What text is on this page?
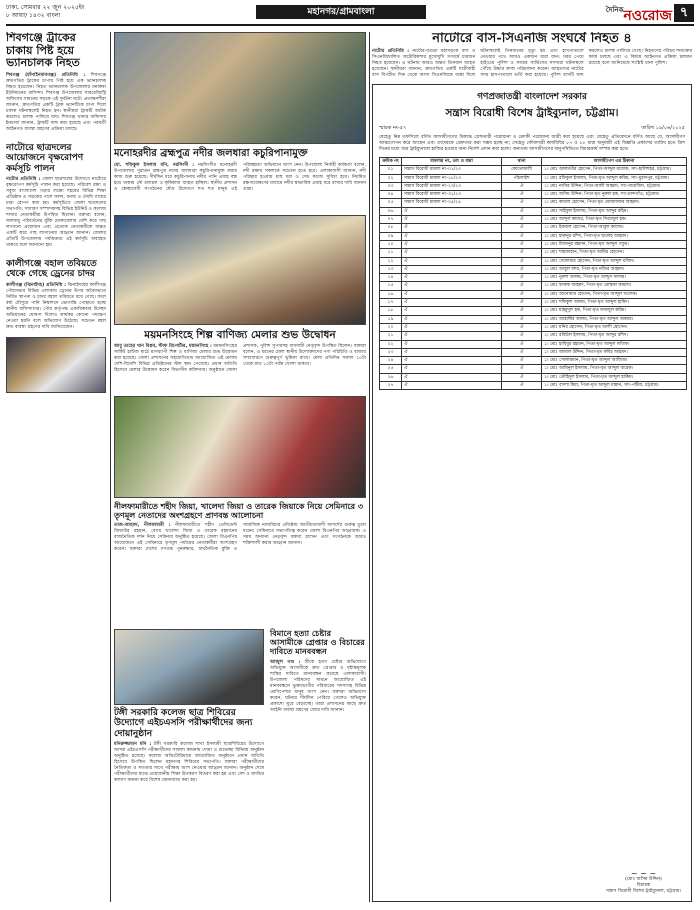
ঢাকা, সোমবার ২২ জুন ২০২৫ইং
৮ আষাঢ় ১৪৩২ বাংলা	মহানগর/গ্রামবাংলা	$^{দৈনিক}$নওরোজ ৭
শিবগঞ্জে ট্রাকের চাকায় পিষ্ট হয়ে ভ্যানচালক নিহত
শিবগঞ্জ (চাঁপাইনবাবগঞ্জ) প্রতিনিধি : শিবগঞ্জে দ্রুতগতির ট্রাকের চাপায় পিষ্ট হয়ে এক ভ্যানচালক নিহত হয়েছেন। নিহত ভ্যানচালক উপজেলার মনাকষা ইউনিয়নের বাসিন্দা। শিবগঞ্জ উপজেলার সাবরেজিস্ট্রি অফিসের সামনের সড়কে এই দুর্ঘটনা ঘটে। প্রত্যক্ষদর্শীরা জানান, দ্রুতগতির একটি ট্রাক ভ্যানটিকে চাপা দিলে চালক ঘটনাস্থলেই নিহত হন। স্থানীয়রা ট্রাকটি আটক করলেও চালক পালিয়ে যায়। শিবগঞ্জ থানার অফিসার ইনচার্জ জানান, ট্রাকটি জব্দ করা হয়েছে এবং পরবর্তী আইনগত ব্যবস্থা গ্রহণের প্রক্রিয়া চলছে।
নাটোরে ছাত্রদলের আয়োজনে বৃক্ষরোপণ কর্মসূচি পালন
নাটোর প্রতিনিধি : জেলা ছাত্রদলের উদ্যোগে নাটোরে বৃক্ষরোপণ কর্মসূচি পালন করা হয়েছে। পরিবেশ রক্ষা ও সবুজ বাংলাদেশ গড়ার লক্ষ্যে শহরের বিভিন্ন শিক্ষা প্রতিষ্ঠান ও সড়কের পাশে ফলদ, বনজ ও ঔষধি গাছের চারা রোপণ করা হয়। কর্মসূচিতে জেলা ছাত্রদলের সভাপতি, সাধারণ সম্পাদকসহ বিভিন্ন ইউনিট ও কলেজ শাখার নেতাকর্মীরা উপস্থিত ছিলেন। বক্তারা বলেন, জলবায়ু পরিবর্তনের ঝুঁকি মোকাবেলায় বেশি করে গাছ লাগানো প্রয়োজন এবং প্রত্যেক নেতাকর্মীকে অন্তত একটি করে গাছ লাগানোর আহ্বান জানান। জেলার প্রতিটি উপজেলায় পর্যায়ক্রমে এই কর্মসূচি অব্যাহত থাকবে বলে জানানো হয়।
কালীগঞ্জে বহাল তবিয়তে থেকে গেছে ড্রেনের চাদর
কালীগঞ্জ (ঝিনাইদহ) প্রতিনিধি : ঝিনাইদহের কালীগঞ্জ পৌরসভার বিভিন্ন এলাকায় ড্রেনের উপর অবৈধভাবে নির্মিত স্থাপনা ও চাদর বহাল তবিয়তে রয়ে গেছে। ফলে বর্ষা মৌসুমে পানি নিষ্কাশনে ভোগান্তি পোহাতে হচ্ছে স্থানীয় বাসিন্দাদের। পৌর কর্তৃপক্ষ একাধিকবার উচ্ছেদ অভিযানের ঘোষণা দিলেও কার্যকর কোনো পদক্ষেপ নেওয়া হয়নি বলে অভিযোগ উঠেছে। সচেতন মহল দ্রুত ব্যবস্থা গ্রহণের দাবি জানিয়েছেন।
মনোহরদীর ব্রহ্মপুত্র নদীর জলধারা কচুরিপানামুক্ত
মো. শফিকুল ইসলাম মনি, নরসিংদী : নরসিংদীর মনোহরদী উপজেলার পুরাতন ব্রহ্মপুত্র নদের জলধারা কচুরিপানামুক্ত করার কাজ শুরু হয়েছে। দীর্ঘদিন ধরে কচুরিপানায় নদীর পানি প্রবাহ বন্ধ হয়ে থাকায় নৌ চলাচল ও কৃষিকাজ ব্যাহত হচ্ছিল। স্থানীয় প্রশাসন ও স্বেচ্ছাসেবী সংগঠনের যৌথ উদ্যোগে শত শত মানুষ এই পরিচ্ছন্নতা অভিযানে অংশ নেন। উপজেলা নির্বাহী কর্মকর্তা বলেন, নদী রক্ষায় সকলকে সচেতন হতে হবে। এলাকাবাসী জানান, নদী পরিষ্কার হওয়ায় মাছ ধরা ও সেচ কাজে সুবিধা হবে। নিয়মিত রক্ষণাবেক্ষণের মাধ্যমে নদীর স্বাভাবিক প্রবাহ ধরে রাখার দাবি জানান তারা।
ময়মনসিংহে শিল্প বাণিজ্য মেলার শুভ উদ্বোধন
আবু তাহের খান বিপ্লব, স্টাফ রিপোর্টার, ময়মনসিংহ : ময়মনসিংহের সার্কিট হাউজ মাঠে মাসব্যাপী শিল্প ও বাণিজ্য মেলার শুভ উদ্বোধন করা হয়েছে। জেলা প্রশাসনের সহযোগিতায় আয়োজিত এই মেলায় দেশি-বিদেশি বিভিন্ন প্রতিষ্ঠানের স্টল স্থান পেয়েছে। প্রধান অতিথি হিসেবে মেলার উদ্বোধন করেন বিভাগীয় কমিশনার। অনুষ্ঠানে জেলা প্রশাসক, পুলিশ সুপারসহ ব্যবসায়ী নেতৃবৃন্দ উপস্থিত ছিলেন। বক্তারা বলেন, এ ধরনের মেলা স্থানীয় উদ্যোক্তাদের পণ্য পরিচিতি ও বাজার সম্প্রসারণে গুরুত্বপূর্ণ ভূমিকা রাখে। মেলা প্রতিদিন সকাল ১০টা থেকে রাত ১০টা পর্যন্ত খোলা থাকবে।
নীলফামারীতে শহীদ জিয়া, খালেদা জিয়া ও তারেক জিয়াকে নিয়ে সেমিনারে ৩ তৃণমূল নেতাদের অংশগ্রহণে প্রাণবন্ত আলোচনা
তাজ-আহমদ, নীলফামারী : নীলফামারীতে শহীদ প্রেসিডেন্ট জিয়াউর রহমান, বেগম খালেদা জিয়া ও তারেক রহমানের রাজনৈতিক দর্শন নিয়ে সেমিনার অনুষ্ঠিত হয়েছে। জেলা বিএনপির আয়োজনে এই সেমিনারে তৃণমূল পর্যায়ের নেতাকর্মীরা অংশগ্রহণ করেন। বক্তারা দেশের গণতন্ত্র পুনরুদ্ধার, অর্থনৈতিক মুক্তি ও সামাজিক ন্যায়বিচার প্রতিষ্ঠায় জাতীয়তাবাদী আদর্শের গুরুত্ব তুলে ধরেন। সেমিনারে সভাপতিত্ব করেন জেলা বিএনপির আহ্বায়ক। এ সময় অন্যান্য নেতৃবৃন্দ বক্তব্য রাখেন এবং সংগঠনকে আরও শক্তিশালী করার আহ্বান জানান।
টঙ্গী সরকারি কলেজ ছাত্র শিবিরের উদ্যোগে এইচএসসি পরীক্ষার্থীদের জন্য দোয়ানুষ্ঠান
মনিরুজ্জামান মনি : টঙ্গী সরকারি কলেজ শাখা ইসলামী ছাত্রশিবিরের উদ্যোগে আসন্ন এইচএসসি পরীক্ষার্থীদের সাফল্য কামনায় দোয়া ও শুভেচ্ছা বিনিময় অনুষ্ঠান অনুষ্ঠিত হয়েছে। কলেজ অডিটোরিয়ামে আয়োজিত অনুষ্ঠানে প্রধান অতিথি হিসেবে উপস্থিত ছিলেন মহানগর শিবিরের সভাপতি। বক্তারা পরীক্ষার্থীদের নৈতিকতা ও সততার সাথে পরীক্ষায় অংশ নেওয়ার আহ্বান জানান। অনুষ্ঠান শেষে পরীক্ষার্থীদের মাঝে প্রয়োজনীয় শিক্ষা উপকরণ বিতরণ করা হয় এবং দেশ ও জাতির কল্যাণ কামনা করে বিশেষ মোনাজাত করা হয়।
বিমানে হত্যা চেষ্টার আসামীকে গ্রেপ্তার ও বিচারের দাবিতে মানববন্ধন
আজুল গণ্ড : স্ত্রীকে হত্যা চেষ্টার অভিযোগে অভিযুক্ত আসামীকে দ্রুত গ্রেপ্তার ও দৃষ্টান্তমূলক শাস্তির দাবিতে মানববন্ধন করেছে এলাকাবাসী। উপজেলা পরিষদের সামনে আয়োজিত এই মানববন্ধনে ভুক্তভোগীর পরিবারের সদস্যসহ বিভিন্ন শ্রেণিপেশার মানুষ অংশ নেন। বক্তারা অভিযোগ করেন, ঘটনার দীর্ঘদিন পেরিয়ে গেলেও অভিযুক্ত প্রকাশ্যে ঘুরে বেড়াচ্ছে। তারা প্রশাসনের কাছে দ্রুত আইনি ব্যবস্থা গ্রহণের জোর দাবি জানান।
নাটোরে বাস-সিএনজি সংঘর্ষে নিহত ৪
নাটোর প্রতিনিধি : নাটোর-বগুড়া মহাসড়কে বাস ও সিএনজিচালিত অটোরিকশার মুখোমুখি সংঘর্ষে চারজন নিহত হয়েছেন। এ ঘটনায় আরও অন্তত তিনজন আহত হয়েছেন। স্থানীয়রা জানান, দ্রুতগতির একটি যাত্রীবাহী বাস বিপরীত দিক থেকে আসা সিএনজিকে ধাক্কা দিলে ঘটনাস্থলেই তিনজনের মৃত্যু হয় এবং হাসপাতালে নেওয়ার পথে আরও একজন মারা যান। খবর পেয়ে হাইওয়ে পুলিশ ও ফায়ার সার্ভিসের সদস্যরা ঘটনাস্থলে পৌঁছে উদ্ধার কাজ পরিচালনা করেন। আহতদের নাটোর সদর হাসপাতালে ভর্তি করা হয়েছে। পুলিশ বাসটি জব্দ করলেও চালক পালিয়ে গেছে। নিহতদের পরিচয় শনাক্তের কাজ চলছে এবং এ বিষয়ে আইনগত প্রক্রিয়া চলমান রয়েছে বলে জানিয়েছে সংশ্লিষ্ট থানা পুলিশ।
গণপ্রজাতন্ত্রী বাংলাদেশ সরকার
সন্ত্রাস বিরোধী বিশেষ ট্রাইব্যুনাল, চট্টগ্রাম।
স্মারক নং-৫৭	তারিখ ১৯/০৬/২০২৫
যেহেতু নিম্ন তফসিলে বর্ণিত আসামীগণের বিরুদ্ধে গ্রেফতারী পরোয়ানা ও ক্রোকী পরোয়ানা জারী করা হয়েছে এবং যেহেতু প্রতিবেদনে বর্ণিত আছে যে, আসামীগণ আত্মগোপন করে আছেন এবং তাদেরকে গ্রেফতার করা সম্ভব হচ্ছে না; সেহেতু ফৌজদারী কার্যবিধির ৮৭ ও ৮৮ ধারা অনুযায়ী এই বিজ্ঞপ্তি প্রকাশের তারিখ হতে ত্রিশ দিনের মধ্যে অত্র ট্রাইব্যুনালে হাজির হওয়ার জন্য নির্দেশ প্রদান করা হলো। অন্যথায় আসামীগণের অনুপস্থিতিতে বিচারকার্য সম্পন্ন করা হবে।
ক্রমিক নং	মামলার নং, তাং ও ধারা	থানা	আসামী/গণ এর ঠিকানা
০১	সন্ত্রাস বিরোধী মামলা নং-০১/২৩	কোতোয়ালী	১। মোঃ আলমগীর হোসেন, পিতা-আব্দুল মালেক, সাং-হালিশহর, চট্টগ্রাম।
০২	সন্ত্রাস বিরোধী মামলা নং-১৮/২৩	পাঁচলাইশ	১। মোঃ রফিকুল ইসলাম, পিতা-মৃত আব্দুল করিম, সাং-মুরাদপুর, চট্টগ্রাম।
০৩	সন্ত্রাস বিরোধী মামলা নং-২৩/২৩	ঐ	১। মোঃ নাসির উদ্দিন, পিতা-আলী আহমদ, সাং-বায়েজিদ, চট্টগ্রাম।
০৪	সন্ত্রাস বিরোধী মামলা নং-৩১/২৩	ঐ	১। মোঃ জসিম উদ্দিন, পিতা-মৃত নুরুল হক, সাং-চান্দগাঁও, চট্টগ্রাম।
০৫	সন্ত্রাস বিরোধী মামলা নং-০৫/২৪	ঐ	১। মোঃ কামাল হোসেন, পিতা-মৃত মোজাফফর আহমদ।
০৬	ঐ	ঐ	১। মোঃ সাইফুল ইসলাম, পিতা-মৃত আব্দুর রহিম।
০৭	ঐ	ঐ	১। মোঃ আব্দুল কাদের, পিতা-মৃত সিরাজুল হক।
০৮	ঐ	ঐ	১। মোঃ ইকবাল হোসেন, পিতা-আবুল কাশেম।
০৯	ঐ	ঐ	১। মোঃ হারুনুর রশিদ, পিতা-মৃত ছালেহ আহমদ।
১০	ঐ	ঐ	১। মোঃ মিজানুর রহমান, পিতা-মৃত আব্দুল গফুর।
১১	ঐ	ঐ	১। মোঃ শাহজাহান, পিতা-মৃত আমির হোসেন।
১২	ঐ	ঐ	১। মোঃ দেলোয়ার হোসেন, পিতা-মৃত আব্দুল মজিদ।
১৩	ঐ	ঐ	১। মোঃ আবুল বশর, পিতা-মৃত নজির আহমদ।
১৪	ঐ	ঐ	১। মোঃ নুরুল আলম, পিতা-মৃত আব্দুস সালাম।
১৫	ঐ	ঐ	১। মোঃ ফারুক আহমদ, পিতা-মৃত মোস্তফা কামাল।
১৬	ঐ	ঐ	১। মোঃ আনোয়ার হোসেন, পিতা-মৃত আব্দুল খালেক।
১৭	ঐ	ঐ	১। মোঃ শফিকুল আলম, পিতা-মৃত আব্দুল হামিদ।
১৮	ঐ	ঐ	১। মোঃ মাহমুদুল হক, পিতা-মৃত ফজলুল করিম।
১৯	ঐ	ঐ	১। মোঃ জাহাঙ্গীর আলম, পিতা-মৃত আব্দুল জব্বার।
২০	ঐ	ঐ	১। মোঃ মনির হোসেন, পিতা-মৃত আলী হোসেন।
২১	ঐ	ঐ	১। মোঃ রবিউল ইসলাম, পিতা-মৃত আব্দুর রশিদ।
২২	ঐ	ঐ	১। মোঃ হাবিবুর রহমান, পিতা-মৃত আব্দুল লতিফ।
২৩	ঐ	ঐ	১। মোঃ জামাল উদ্দিন, পিতা-মৃত কবির আহমদ।
২৪	ঐ	ঐ	১। মোঃ সোলায়মান, পিতা-মৃত আব্দুল আজিজ।
২৫	ঐ	ঐ	১। মোঃ আমিনুল ইসলাম, পিতা-মৃত আব্দুল বারেক।
২৬	ঐ	ঐ	১। মোঃ তৌহিদুল ইসলাম, পিতা-মৃত আব্দুল হাকিম।
২৭	ঐ	ঐ	১। মোঃ বাদশা মিয়া, পিতা-মৃত আব্দুল মান্নান, সাং-পটিয়া, চট্টগ্রাম।
~ ~ ~
(মোঃ জসিম উদ্দিন)
বিচারক
সন্ত্রাস বিরোধী বিশেষ ট্রাইব্যুনাল, চট্টগ্রাম।
